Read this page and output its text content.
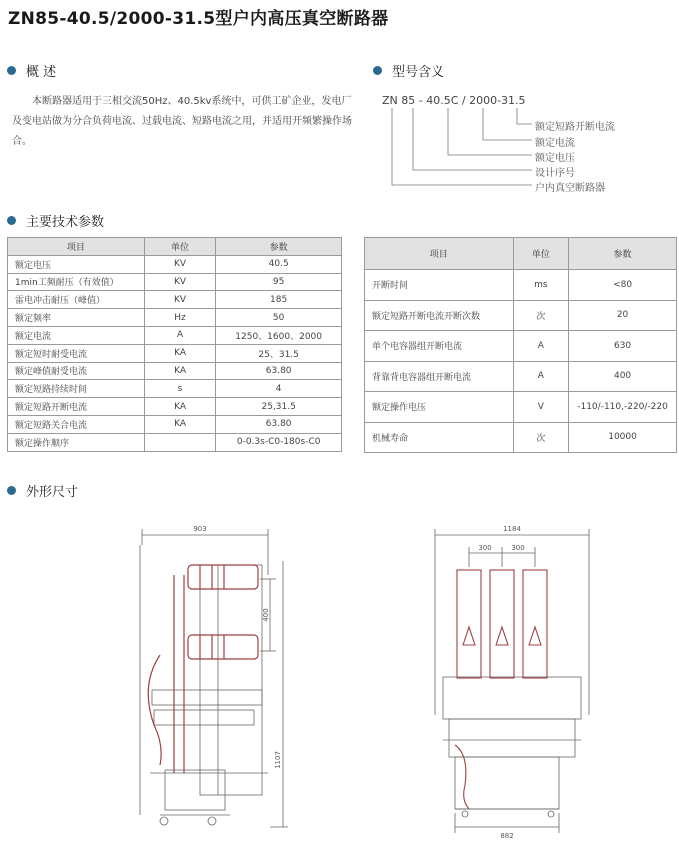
ZN85-40.5/2000-31.5型户内高压真空断路器
概 述	型号含义
主要技术参数
外形尺寸
本断路器适用于三相交流50Hz、40.5kv系统中，可供工矿企业，发电厂及变电站做为分合负荷电流、过载电流、短路电流之用，并适用开频繁操作场合。
ZN 85 - 40.5C / 2000-31.5
额定短路开断电流
额定电流
额定电压
设计序号
户内真空断路器
项目	单位	参数
额定电压	KV	40.5
1min工频耐压（有效值）	KV	95
雷电冲击耐压（峰值）	KV	185
额定频率	Hz	50
额定电流	A	1250、1600、2000
额定短时耐受电流	KA	25、31.5
额定峰值耐受电流	KA	63.80
额定短路持续时间	s	4
额定短路开断电流	KA	25,31.5
额定短路关合电流	KA	63.80
额定操作顺序		0-0.3s-C0-180s-C0
项目	单位	参数
开断时间	ms	<80
额定短路开断电流开断次数	次	20
单个电容器组开断电流	A	630
背靠背电容器组开断电流	A	400
额定操作电压	V	-110/-110,-220/-220
机械寿命	次	10000
903
400
1107
1184
300	300
882
